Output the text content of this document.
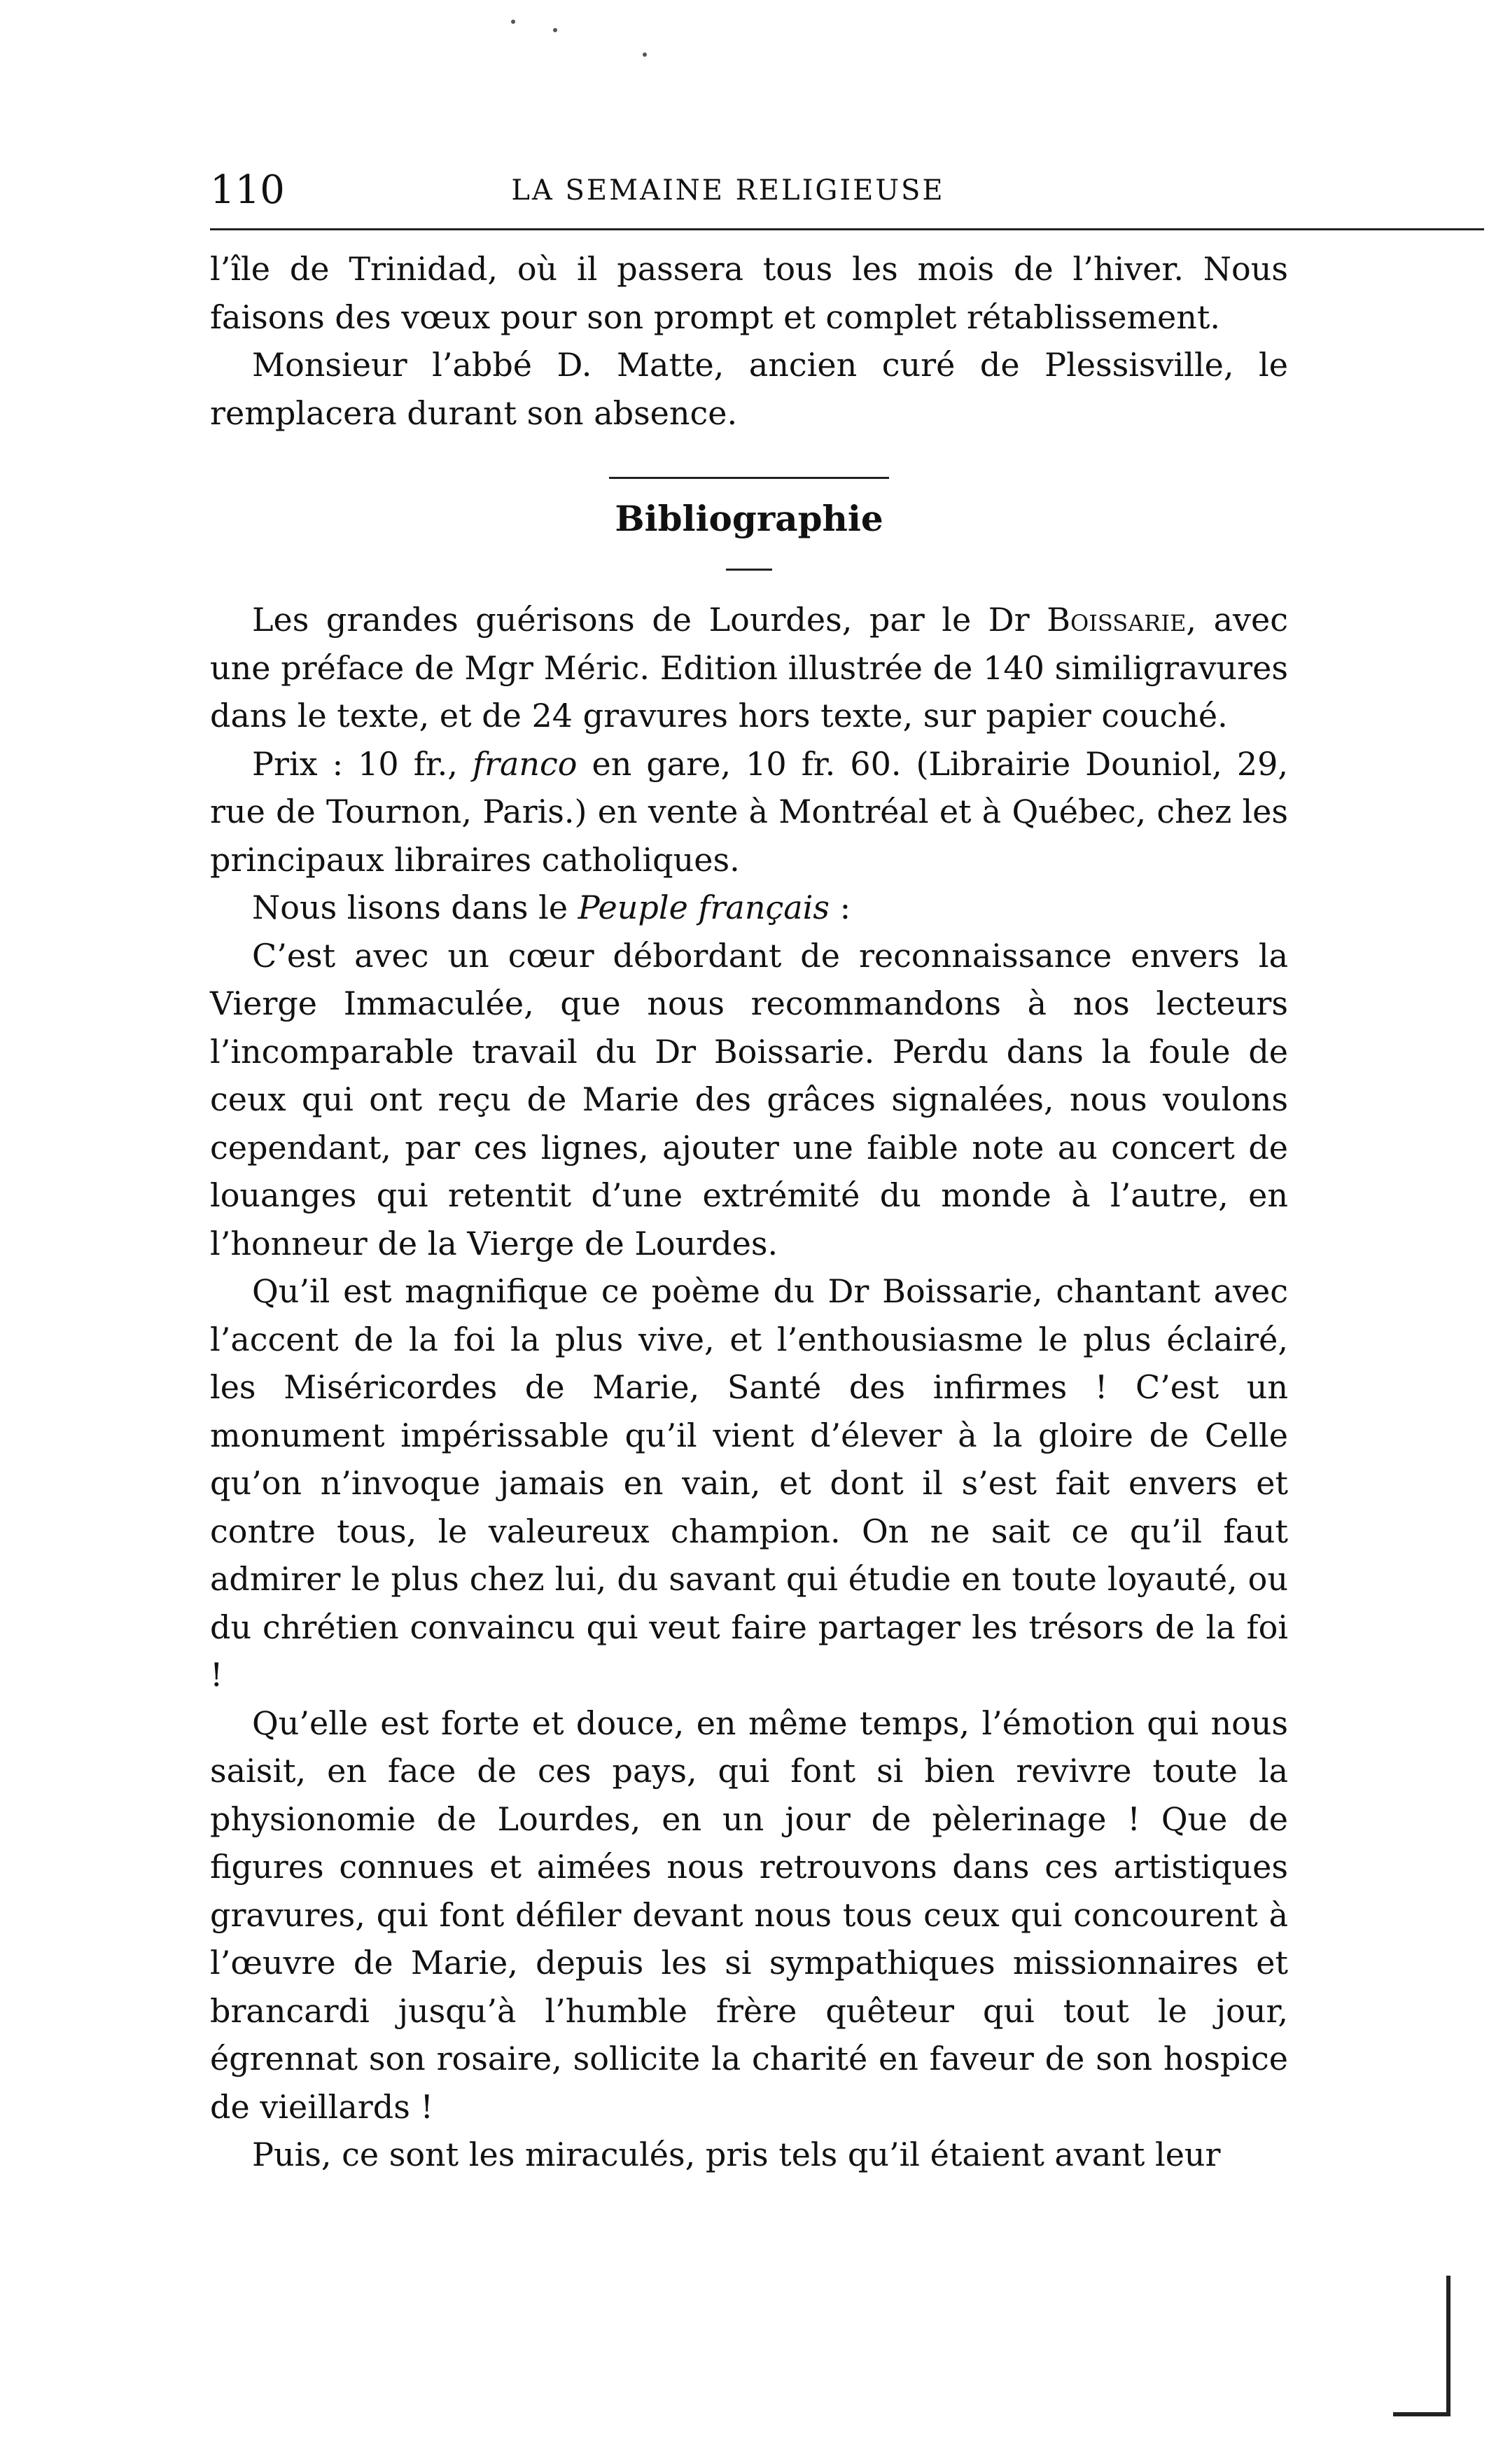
110	LA SEMAINE RELIGIEUSE

l’île de Trinidad, où il passera tous les mois de l’hiver. Nous faisons des vœux pour son prompt et complet rétablissement.

Monsieur l’abbé D. Matte, ancien curé de Plessisville, le remplacera durant son absence.

Bibliographie

Les grandes guérisons de Lourdes, par le Dr Boissarie, avec une préface de Mgr Méric. Edition illustrée de 140 similigravures dans le texte, et de 24 gravures hors texte, sur papier couché.

Prix : 10 fr., franco en gare, 10 fr. 60. (Librairie Douniol, 29, rue de Tournon, Paris.) en vente à Montréal et à Québec, chez les principaux libraires catholiques.

Nous lisons dans le Peuple français :

C’est avec un cœur débordant de reconnaissance envers la Vierge Immaculée, que nous recommandons à nos lecteurs l’incomparable travail du Dr Boissarie. Perdu dans la foule de ceux qui ont reçu de Marie des grâces signalées, nous voulons cependant, par ces lignes, ajouter une faible note au concert de louanges qui retentit d’une extrémité du monde à l’autre, en l’honneur de la Vierge de Lourdes.

Qu’il est magnifique ce poème du Dr Boissarie, chantant avec l’accent de la foi la plus vive, et l’enthousiasme le plus éclairé, les Miséricordes de Marie, Santé des infirmes ! C’est un monument impérissable qu’il vient d’élever à la gloire de Celle qu’on n’invoque jamais en vain, et dont il s’est fait envers et contre tous, le valeureux champion. On ne sait ce qu’il faut admirer le plus chez lui, du savant qui étudie en toute loyauté, ou du chrétien convaincu qui veut faire partager les trésors de la foi !

Qu’elle est forte et douce, en même temps, l’émotion qui nous saisit, en face de ces pays, qui font si bien revivre toute la physionomie de Lourdes, en un jour de pèlerinage ! Que de figures connues et aimées nous retrouvons dans ces artistiques gravures, qui font défiler devant nous tous ceux qui concourent à l’œuvre de Marie, depuis les si sympathiques missionnaires et brancardi jusqu’à l’humble frère quêteur qui tout le jour, égrennat son rosaire, sollicite la charité en faveur de son hospice de vieillards !

Puis, ce sont les miraculés, pris tels qu’il étaient avant leur
